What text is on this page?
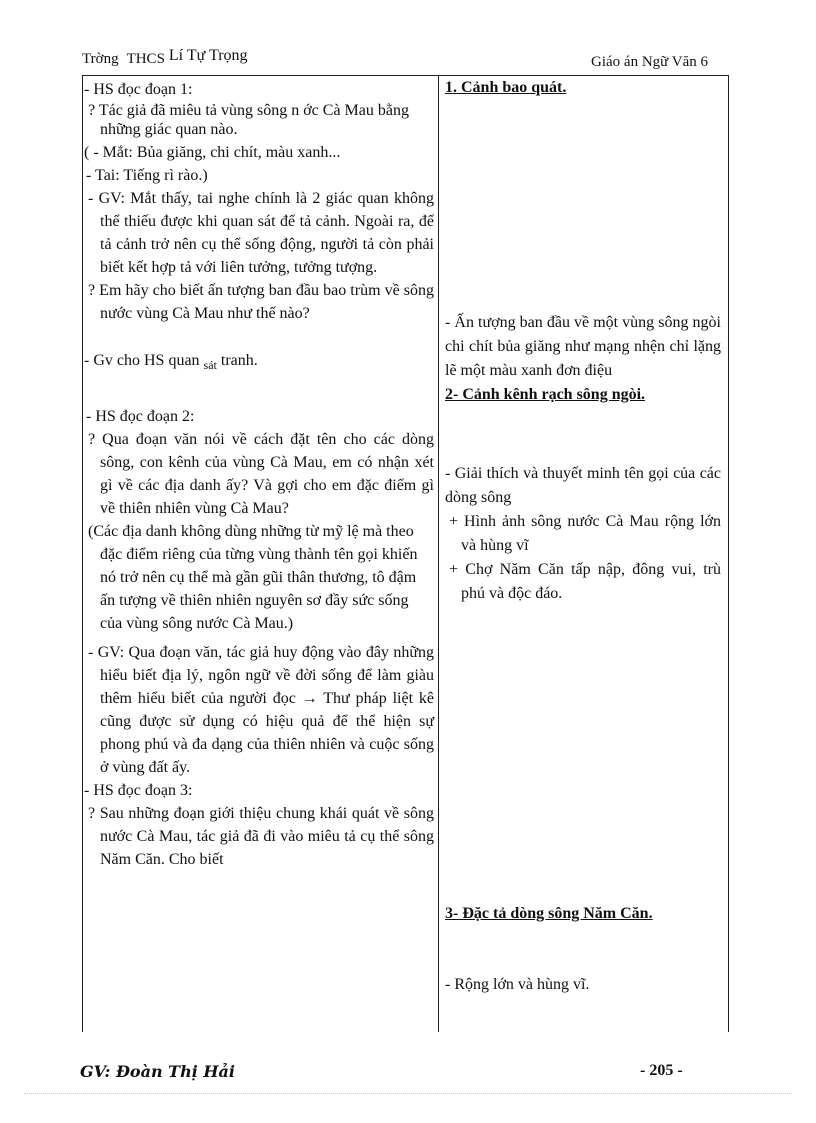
Trờng THCS Lí Tự Trọng	Giáo án Ngữ Văn 6

- HS đọc đoạn 1:

? Tác giả đã miêu tả vùng sông n ớc Cà Mau bằng những giác quan nào.

( - Mắt: Bủa giăng, chi chít, màu xanh...

- Tai: Tiếng rì rào.)

- GV: Mắt thấy, tai nghe chính là 2 giác quan không thể thiếu được khi quan sát để tả cảnh. Ngoài ra, để tả cảnh trở nên cụ thể sống động, người tả còn phải biết kết hợp tả với liên tưởng, tưởng tượng.

? Em hãy cho biết ấn tượng ban đầu bao trùm về sông nước vùng Cà Mau như thế nào?

- Gv cho HS quan $_{sát}$ tranh.

- HS đọc đoạn 2:

? Qua đoạn văn nói về cách đặt tên cho các dòng sông, con kênh của vùng Cà Mau, em có nhận xét gì về các địa danh ấy? Và gợi cho em đặc điểm gì về thiên nhiên vùng Cà Mau?

(Các địa danh không dùng những từ mỹ lệ mà theo đặc điểm riêng của từng vùng thành tên gọi khiến nó trở nên cụ thể mà gần gũi thân thương, tô đậm ấn tượng về thiên nhiên nguyên sơ đầy sức sống của vùng sông nước Cà Mau.)

- GV: Qua đoạn văn, tác giả huy động vào đây những hiểu biết địa lý, ngôn ngữ về đời sống để làm giàu thêm hiểu biết của người đọc → Thư pháp liệt kê cũng được sử dụng có hiệu quả để thể hiện sự phong phú và đa dạng của thiên nhiên và cuộc sống ở vùng đất ấy.

- HS đọc đoạn 3:

? Sau những đoạn giới thiệu chung khái quát về sông nước Cà Mau, tác giả đã đi vào miêu tả cụ thể sông Năm Căn. Cho biết

1. Cảnh bao quát.

- Ấn tượng ban đầu về một vùng sông ngòi chi chít bủa giăng như mạng nhện chỉ lặng lẽ một màu xanh đơn điệu

2- Cảnh kênh rạch sông ngòi.

- Giải thích và thuyết minh tên gọi của các dòng sông

+ Hình ảnh sông nước Cà Mau rộng lớn và hùng vĩ

+ Chợ Năm Căn tấp nập, đông vui, trù phú và độc đáo.

3- Đặc tả dòng sông Năm Căn.

- Rộng lớn và hùng vĩ.

GV: Đoàn Thị Hải	- 205 -
